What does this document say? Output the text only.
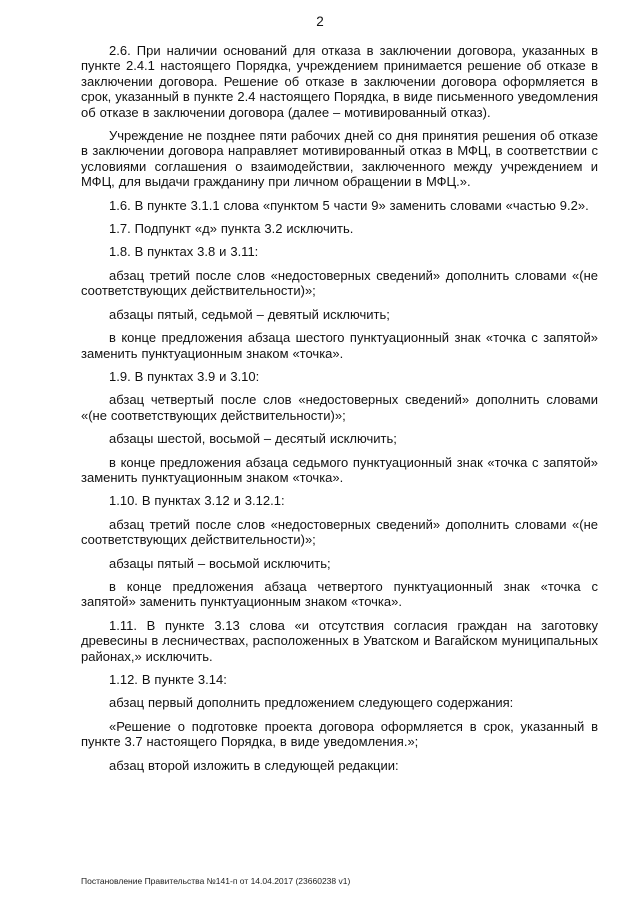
2

2.6. При наличии оснований для отказа в заключении договора, указанных в пункте 2.4.1 настоящего Порядка, учреждением принимается решение об отказе в заключении договора. Решение об отказе в заключении договора оформляется в срок, указанный в пункте 2.4 настоящего Порядка, в виде письменного уведомления об отказе в заключении договора (далее – мотивированный отказ).

Учреждение не позднее пяти рабочих дней со дня принятия решения об отказе в заключении договора направляет мотивированный отказ в МФЦ, в соответствии с условиями соглашения о взаимодействии, заключенного между учреждением и МФЦ, для выдачи гражданину при личном обращении в МФЦ.».

1.6. В пункте 3.1.1 слова «пунктом 5 части 9» заменить словами «частью 9.2».

1.7. Подпункт «д» пункта 3.2 исключить.

1.8. В пунктах 3.8 и 3.11:

абзац третий после слов «недостоверных сведений» дополнить словами «(не соответствующих действительности)»;

абзацы пятый, седьмой – девятый исключить;

в конце предложения абзаца шестого пунктуационный знак «точка с запятой» заменить пунктуационным знаком «точка».

1.9. В пунктах 3.9 и 3.10:

абзац четвертый после слов «недостоверных сведений» дополнить словами «(не соответствующих действительности)»;

абзацы шестой, восьмой – десятый исключить;

в конце предложения абзаца седьмого пунктуационный знак «точка с запятой» заменить пунктуационным знаком «точка».

1.10. В пунктах 3.12 и 3.12.1:

абзац третий после слов «недостоверных сведений» дополнить словами «(не соответствующих действительности)»;

абзацы пятый – восьмой исключить;

в конце предложения абзаца четвертого пунктуационный знак «точка с запятой» заменить пунктуационным знаком «точка».

1.11. В пункте 3.13 слова «и отсутствия согласия граждан на заготовку древесины в лесничествах, расположенных в Уватском и Вагайском муниципальных районах,» исключить.

1.12. В пункте 3.14:

абзац первый дополнить предложением следующего содержания:

«Решение о подготовке проекта договора оформляется в срок, указанный в пункте 3.7 настоящего Порядка, в виде уведомления.»;

абзац второй изложить в следующей редакции:

Постановление Правительства №141-п от 14.04.2017 (23660238 v1)
